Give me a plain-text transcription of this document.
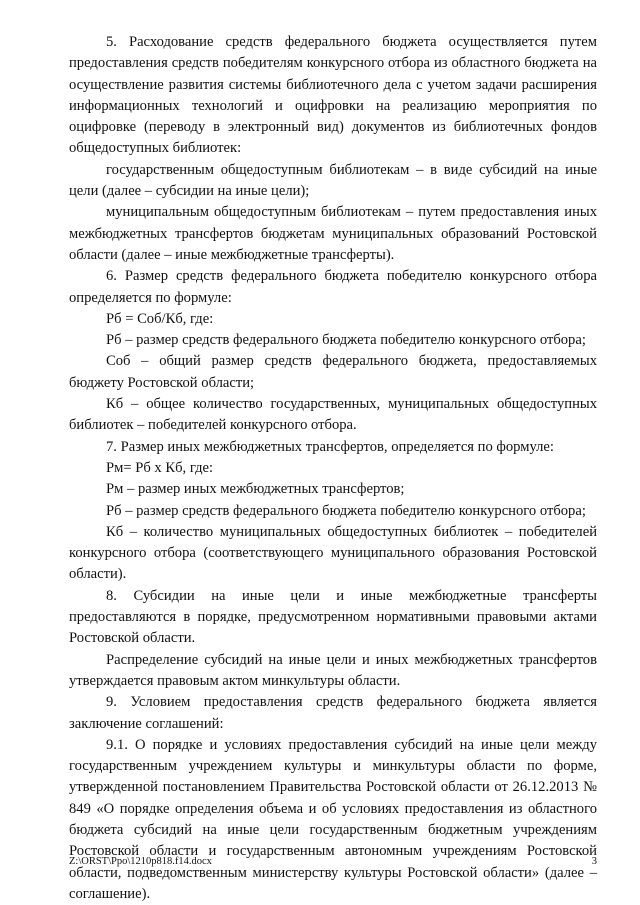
5. Расходование средств федерального бюджета осуществляется путем предоставления средств победителям конкурсного отбора из областного бюджета на осуществление развития системы библиотечного дела с учетом задачи расширения информационных технологий и оцифровки на реализацию мероприятия по оцифровке (переводу в электронный вид) документов из библиотечных фондов общедоступных библиотек:

государственным общедоступным библиотекам – в виде субсидий на иные цели (далее – субсидии на иные цели);

муниципальным общедоступным библиотекам – путем предоставления иных межбюджетных трансфертов бюджетам муниципальных образований Ростовской области (далее – иные межбюджетные трансферты).

6. Размер средств федерального бюджета победителю конкурсного отбора определяется по формуле:

Рб = Соб/Кб, где:

Рб – размер средств федерального бюджета победителю конкурсного отбора;

Соб – общий размер средств федерального бюджета, предоставляемых бюджету Ростовской области;

Кб – общее количество государственных, муниципальных общедоступных библиотек – победителей конкурсного отбора.

7. Размер иных межбюджетных трансфертов, определяется по формуле:

Рм= Рб х Кб, где:

Рм – размер иных межбюджетных трансфертов;

Рб – размер средств федерального бюджета победителю конкурсного отбора;

Кб – количество муниципальных общедоступных библиотек – победителей конкурсного отбора (соответствующего муниципального образования Ростовской области).

8. Субсидии на иные цели и иные межбюджетные трансферты предоставляются в порядке, предусмотренном нормативными правовыми актами Ростовской области.

Распределение субсидий на иные цели и иных межбюджетных трансфертов утверждается правовым актом минкультуры области.

9. Условием предоставления средств федерального бюджета является заключение соглашений:

9.1. О порядке и условиях предоставления субсидий на иные цели между государственным учреждением культуры и минкультуры области по форме, утвержденной постановлением Правительства Ростовской области от 26.12.2013 № 849 «О порядке определения объема и об условиях предоставления из областного бюджета субсидий на иные цели государственным бюджетным учреждениям Ростовской области и государственным автономным учреждениям Ростовской области, подведомственным министерству культуры Ростовской области» (далее – соглашение).

Z:\ORST\Ppo\1210p818.f14.docx	3
